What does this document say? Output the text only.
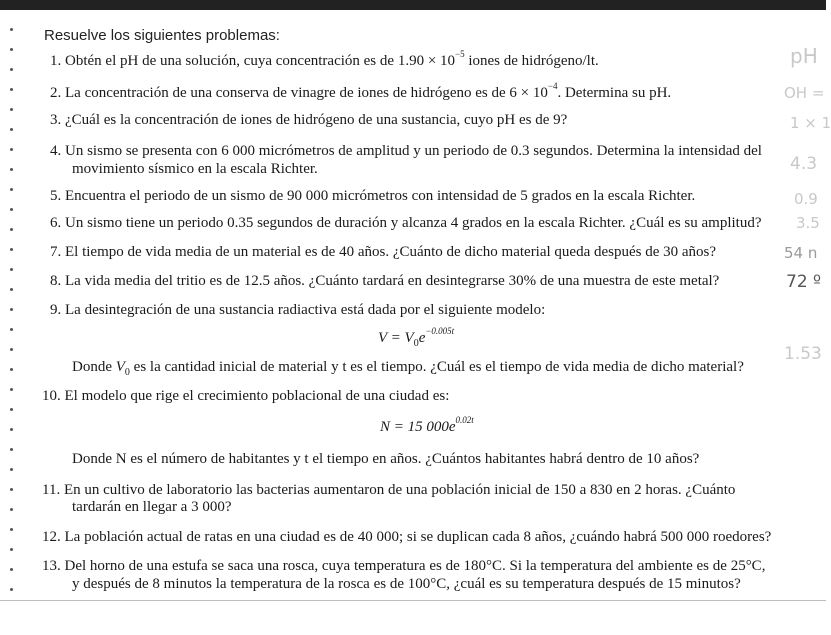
Resuelve los siguientes problemas:
1. Obtén el pH de una solución, cuya concentración es de $1.90 \times 10^{-5}$ iones de hidrógeno/lt.
2. La concentración de una conserva de vinagre de iones de hidrógeno es de $6 \times 10^{-4}$. Determina su pH.
3. ¿Cuál es la concentración de iones de hidrógeno de una sustancia, cuyo pH es de 9?
4. Un sismo se presenta con 6 000 micrómetros de amplitud y un periodo de 0.3 segundos. Determina la intensidad del
movimiento sísmico en la escala Richter.
5. Encuentra el periodo de un sismo de 90 000 micrómetros con intensidad de 5 grados en la escala Richter.
6. Un sismo tiene un periodo 0.35 segundos de duración y alcanza 4 grados en la escala Richter. ¿Cuál es su amplitud?
7. El tiempo de vida media de un material es de 40 años. ¿Cuánto de dicho material queda después de 30 años?
8. La vida media del tritio es de 12.5 años. ¿Cuánto tardará en desintegrarse 30% de una muestra de este metal?
9. La desintegración de una sustancia radiactiva está dada por el siguiente modelo:
$V = V_0e^{-0.005t}$
Donde $V_0$ es la cantidad inicial de material y t es el tiempo. ¿Cuál es el tiempo de vida media de dicho material?
10. El modelo que rige el crecimiento poblacional de una ciudad es:
N = 15 $000e^{0.02t}$
Donde N es el número de habitantes y t el tiempo en años. ¿Cuántos habitantes habrá dentro de 10 años?
11. En un cultivo de laboratorio las bacterias aumentaron de una población inicial de 150 a 830 en 2 horas. ¿Cuánto
tardarán en llegar a 3 000?
12. La población actual de ratas en una ciudad es de 40 000; si se duplican cada 8 años, ¿cuándo habrá 500 000 roedores?
13. Del horno de una estufa se saca una rosca, cuya temperatura es de 180°C. Si la temperatura del ambiente es de 25°C,
y después de 8 minutos la temperatura de la rosca es de 100°C, ¿cuál es su temperatura después de 15 minutos?
pH
OH =
1 × 1
4.3
0.9
3.5
54 n
72 º
1.53
